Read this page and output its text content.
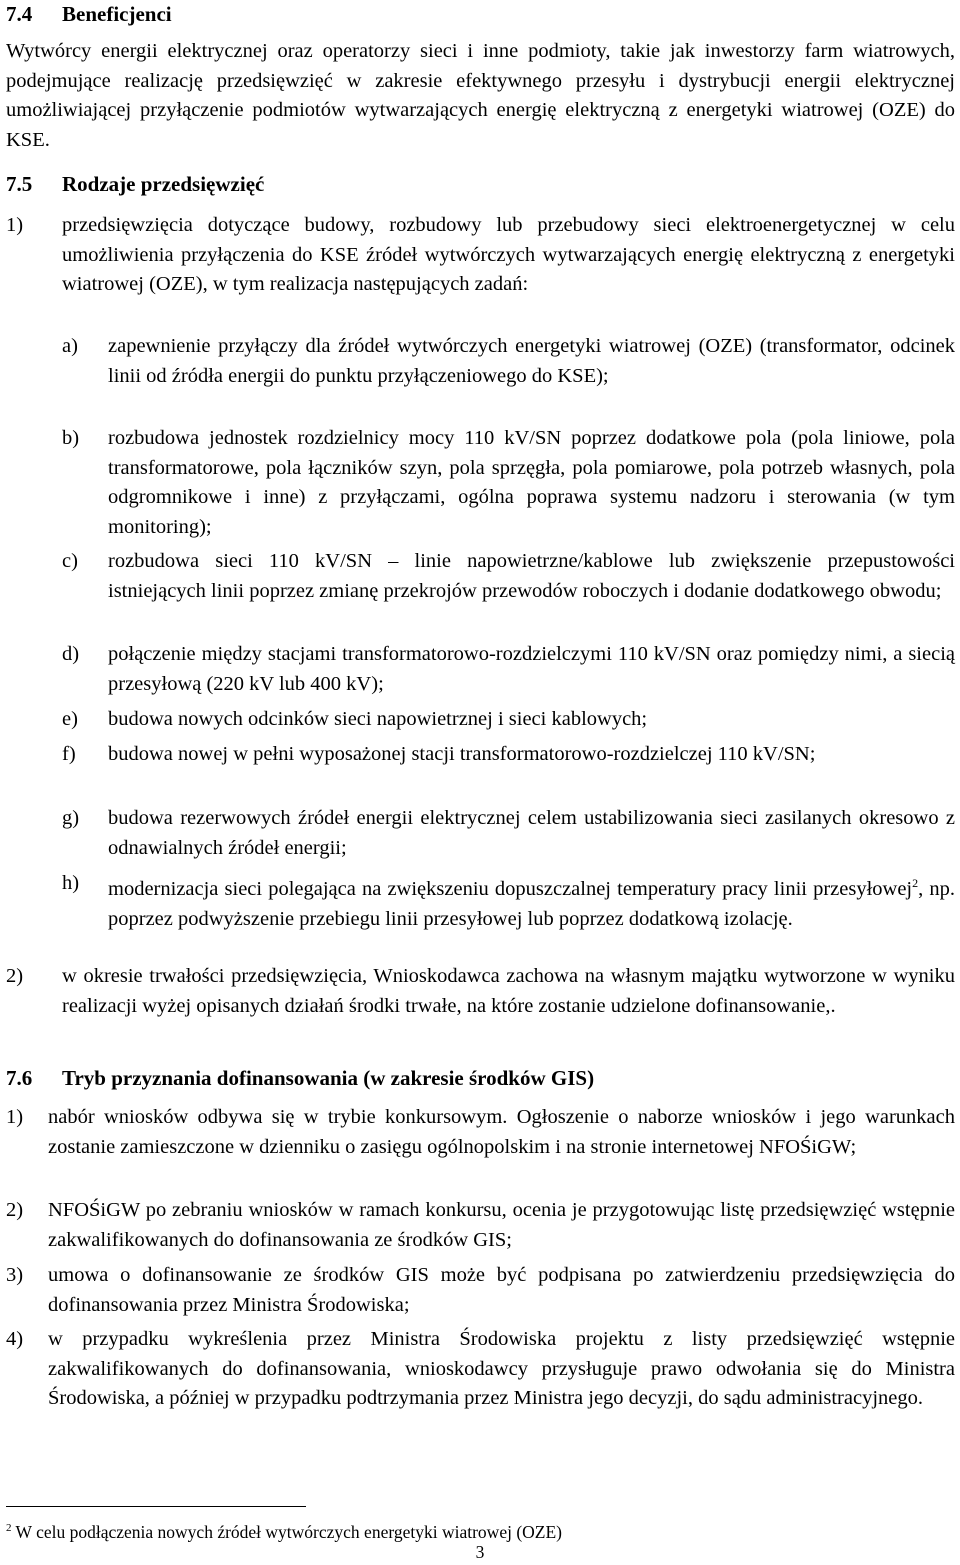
7.4 Beneficjenci
Wytwórcy energii elektrycznej oraz operatorzy sieci i inne podmioty, takie jak inwestorzy farm wiatrowych, podejmujące realizację przedsięwzięć w zakresie efektywnego przesyłu i dystrybucji energii elektrycznej umożliwiającej przyłączenie podmiotów wytwarzających energię elektryczną z energetyki wiatrowej (OZE) do KSE.
7.5 Rodzaje przedsięwzięć
1) przedsięwzięcia dotyczące budowy, rozbudowy lub przebudowy sieci elektroenergetycznej w celu umożliwienia przyłączenia do KSE źródeł wytwórczych wytwarzających energię elektryczną z energetyki wiatrowej (OZE), w tym realizacja następujących zadań:
a) zapewnienie przyłączy dla źródeł wytwórczych energetyki wiatrowej (OZE) (transformator, odcinek linii od źródła energii do punktu przyłączeniowego do KSE);
b) rozbudowa jednostek rozdzielnicy mocy 110 kV/SN poprzez dodatkowe pola (pola liniowe, pola transformatorowe, pola łączników szyn, pola sprzęgła, pola pomiarowe, pola potrzeb własnych, pola odgromnikowe i inne) z przyłączami, ogólna poprawa systemu nadzoru i sterowania (w tym monitoring);
c) rozbudowa sieci 110 kV/SN – linie napowietrzne/kablowe lub zwiększenie przepustowości istniejących linii poprzez zmianę przekrojów przewodów roboczych i dodanie dodatkowego obwodu;
d) połączenie między stacjami transformatorowo-rozdzielczymi 110 kV/SN oraz pomiędzy nimi, a siecią przesyłową (220 kV lub 400 kV);
e) budowa nowych odcinków sieci napowietrznej i sieci kablowych;
f) budowa nowej w pełni wyposażonej stacji transformatorowo-rozdzielczej 110 kV/SN;
g) budowa rezerwowych źródeł energii elektrycznej celem ustabilizowania sieci zasilanych okresowo z odnawialnych źródeł energii;
h) modernizacja sieci polegająca na zwiększeniu dopuszczalnej temperatury pracy linii przesyłowej$^2$, np. poprzez podwyższenie przebiegu linii przesyłowej lub poprzez dodatkową izolację.
2) w okresie trwałości przedsięwzięcia, Wnioskodawca zachowa na własnym majątku wytworzone w wyniku realizacji wyżej opisanych działań środki trwałe, na które zostanie udzielone dofinansowanie,.
7.6 Tryb przyznania dofinansowania (w zakresie środków GIS)
1) nabór wniosków odbywa się w trybie konkursowym. Ogłoszenie o naborze wniosków i jego warunkach zostanie zamieszczone w dzienniku o zasięgu ogólnopolskim i na stronie internetowej NFOŚiGW;
2) NFOŚiGW po zebraniu wniosków w ramach konkursu, ocenia je przygotowując listę przedsięwzięć wstępnie zakwalifikowanych do dofinansowania ze środków GIS;
3) umowa o dofinansowanie ze środków GIS może być podpisana po zatwierdzeniu przedsięwzięcia do dofinansowania przez Ministra Środowiska;
4) w przypadku wykreślenia przez Ministra Środowiska projektu z listy przedsięwzięć wstępnie zakwalifikowanych do dofinansowania, wnioskodawcy przysługuje prawo odwołania się do Ministra Środowiska, a później w przypadku podtrzymania przez Ministra jego decyzji, do sądu administracyjnego.
$^2$ W celu podłączenia nowych źródeł wytwórczych energetyki wiatrowej (OZE)
3
